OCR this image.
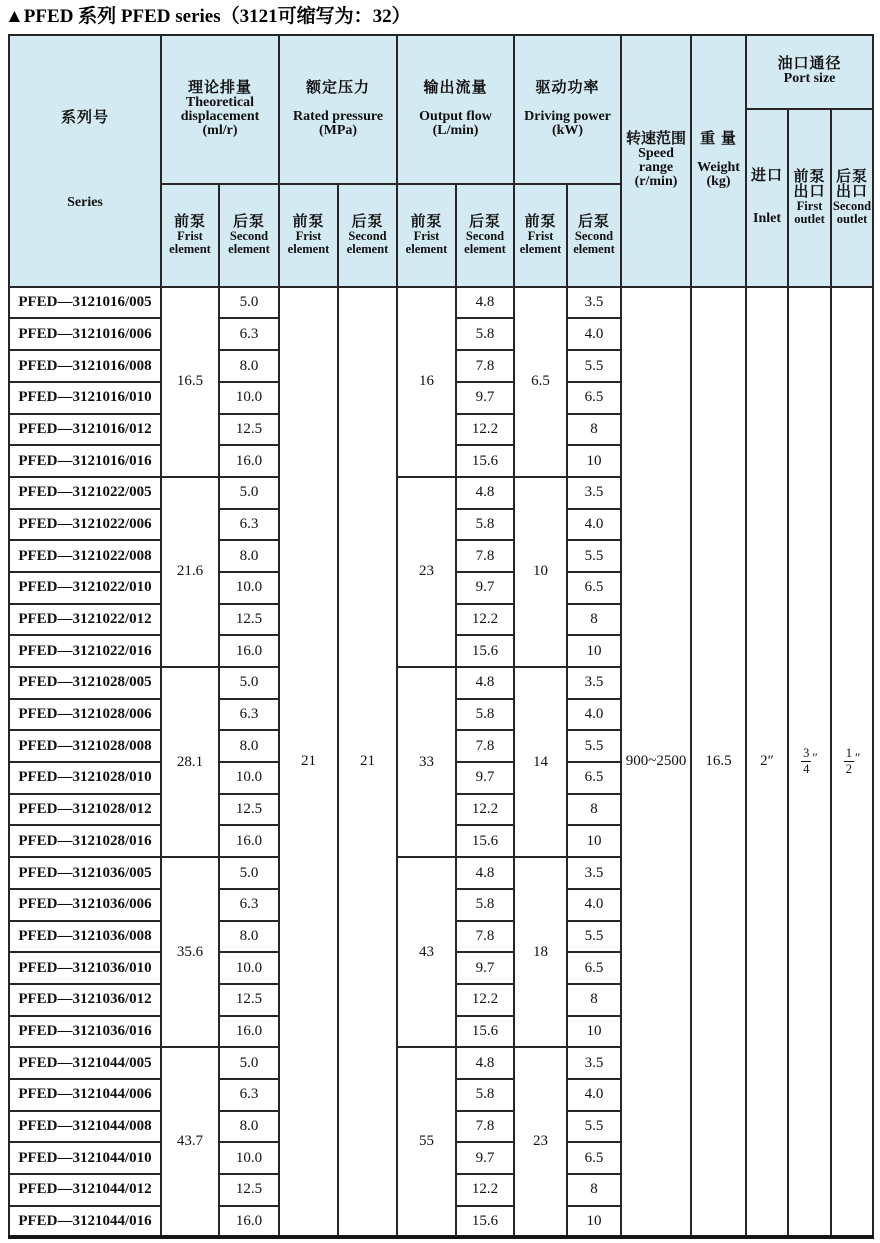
▲PFED 系列 PFED series（3121可缩写为：32）
系列号
Series

理论排量
Theoretical
displacement
(ml/r)

额定压力
Rated pressure
(MPa)

输出流量
Output flow
(L/min)

驱动功率
Driving power
(kW)

转速范围
Speed
range
(r/min)

重 量
Weight
(kg)

油口通径
Port size

进口
Inlet

前泵
出口
First
outlet

后泵
出口
Second
outlet

前泵
Frist
element

后泵
Second
element

前泵
Frist
element

后泵
Second
element

前泵
Frist
element

后泵
Second
element

前泵
Frist
element

后泵
Second
element

PFED—3121016/005	16.5	5.0	21	21	16	4.8	6.5	3.5	900~2500	16.5	2″	$\frac{3}{4}$ ″	$\frac{1}{2}$ ″
PFED—3121016/006		6.3				5.8		4.0					
PFED—3121016/008		8.0				7.8		5.5					
PFED—3121016/010		10.0				9.7		6.5					
PFED—3121016/012		12.5				12.2		8					
PFED—3121016/016		16.0				15.6		10					
PFED—3121022/005	21.6	5.0			23	4.8	10	3.5					
PFED—3121022/006		6.3				5.8		4.0					
PFED—3121022/008		8.0				7.8		5.5					
PFED—3121022/010		10.0				9.7		6.5					
PFED—3121022/012		12.5				12.2		8					
PFED—3121022/016		16.0				15.6		10					
PFED—3121028/005	28.1	5.0			33	4.8	14	3.5					
PFED—3121028/006		6.3				5.8		4.0					
PFED—3121028/008		8.0				7.8		5.5					
PFED—3121028/010		10.0				9.7		6.5					
PFED—3121028/012		12.5				12.2		8					
PFED—3121028/016		16.0				15.6		10					
PFED—3121036/005	35.6	5.0			43	4.8	18	3.5					
PFED—3121036/006		6.3				5.8		4.0					
PFED—3121036/008		8.0				7.8		5.5					
PFED—3121036/010		10.0				9.7		6.5					
PFED—3121036/012		12.5				12.2		8					
PFED—3121036/016		16.0				15.6		10					
PFED—3121044/005	43.7	5.0			55	4.8	23	3.5					
PFED—3121044/006		6.3				5.8		4.0					
PFED—3121044/008		8.0				7.8		5.5					
PFED—3121044/010		10.0				9.7		6.5					
PFED—3121044/012		12.5				12.2		8					
PFED—3121044/016		16.0				15.6		10					
